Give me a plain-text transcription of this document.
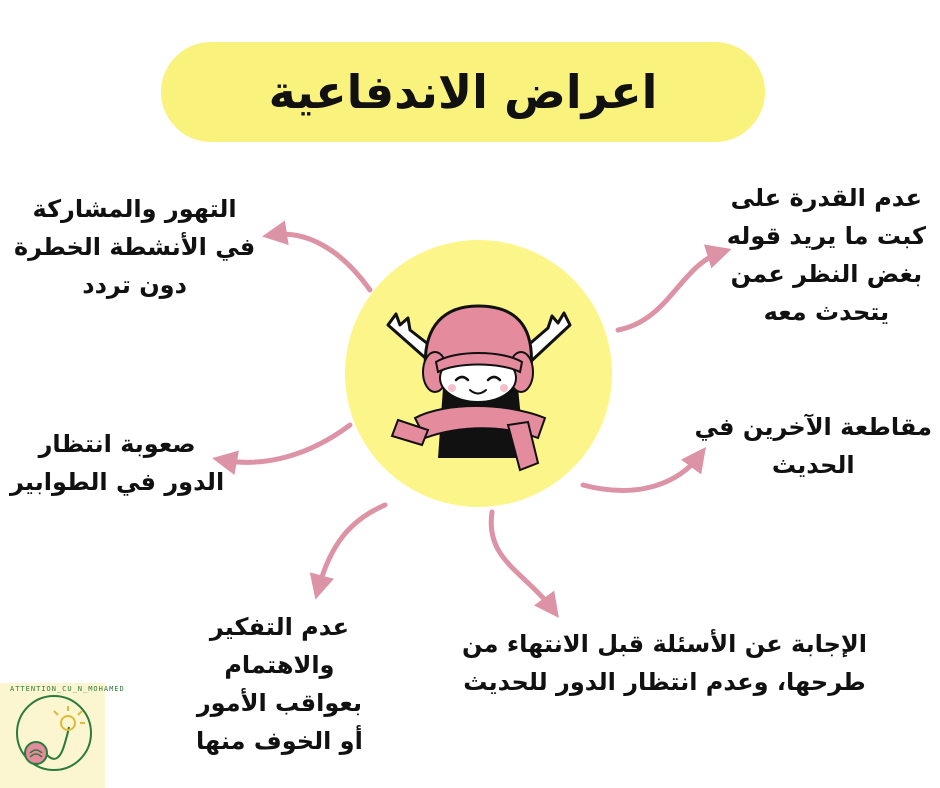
اعراض الاندفاعية
عدم القدرة على
كبت ما يريد قوله
بغض النظر عمن
يتحدث معه
التهور والمشاركة
في الأنشطة الخطرة
دون تردد
مقاطعة الآخرين في
الحديث
صعوبة انتظار
الدور في الطوابير
الإجابة عن الأسئلة قبل الانتهاء من
طرحها، وعدم انتظار الدور للحديث
عدم التفكير
والاهتمام
بعواقب الأمور
أو الخوف منها
ATTENTION_CU_N_MOHAMED
